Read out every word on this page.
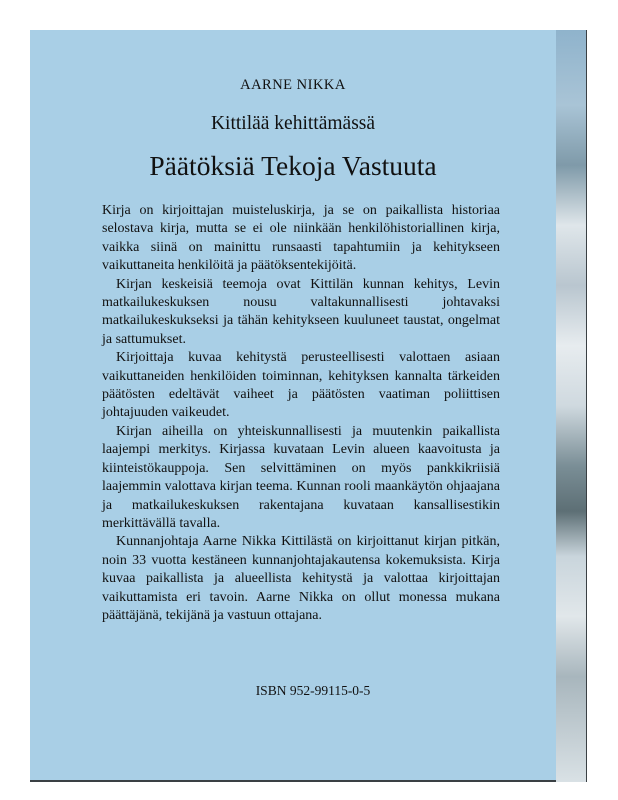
AARNE NIKKA
Kittilää kehittämässä
Päätöksiä Tekoja Vastuuta

Kirja on kirjoittajan muisteluskirja, ja se on paikallista historiaa selostava kirja, mutta se ei ole niinkään henkilöhistoriallinen kirja, vaikka siinä on mainittu runsaasti tapahtumiin ja kehitykseen vaikuttaneita henkilöitä ja päätöksentekijöitä.

Kirjan keskeisiä teemoja ovat Kittilän kunnan kehitys, Levin matkailukeskuksen nousu valtakunnallisesti johtavaksi matkailukeskukseksi ja tähän kehitykseen kuuluneet taustat, ongelmat ja sattumukset.

Kirjoittaja kuvaa kehitystä perusteellisesti valottaen asiaan vaikuttaneiden henkilöiden toiminnan, kehityksen kannalta tärkeiden päätösten edeltävät vaiheet ja päätösten vaatiman poliittisen johtajuuden vaikeudet.

Kirjan aiheilla on yhteiskunnallisesti ja muutenkin paikallista laajempi merkitys. Kirjassa kuvataan Levin alueen kaavoitusta ja kiinteistökauppoja. Sen selvittäminen on myös pankkikriisiä laajemmin valottava kirjan teema. Kunnan rooli maankäytön ohjaajana ja matkailukeskuksen rakentajana kuvataan kansallisestikin merkittävällä tavalla.

Kunnanjohtaja Aarne Nikka Kittilästä on kirjoittanut kirjan pitkän, noin 33 vuotta kestäneen kunnanjohtajakautensa kokemuksista. Kirja kuvaa paikallista ja alueellista kehitystä ja valottaa kirjoittajan vaikuttamista eri tavoin. Aarne Nikka on ollut monessa mukana päättäjänä, tekijänä ja vastuun ottajana.

ISBN 952-99115-0-5
